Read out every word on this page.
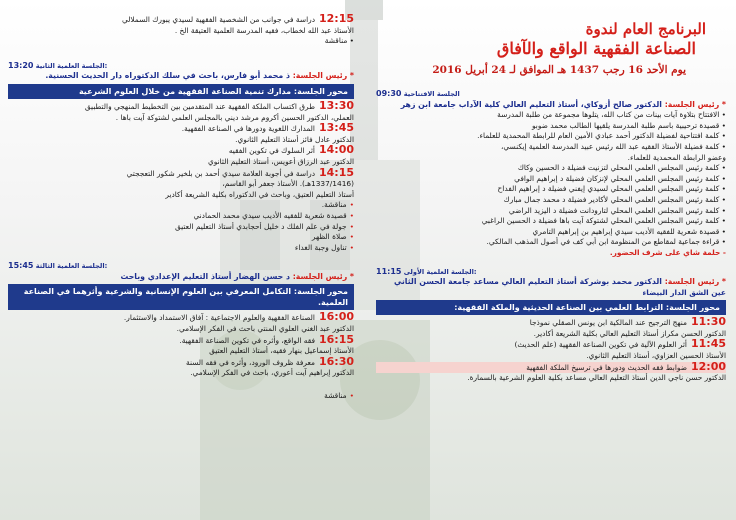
البرنامج العام لندوة
الصناعة الفقهية الواقع والآفاق
يوم الأحد 16 رجب 1437 هـ الموافق لـ 24 أبريل 2016
09:30 الجلسة الافتتاحية
* رئيس الجلسة: الدكتور صالح أزوكاي، أستاذ التعليم العالي كلية الآداب جامعة ابن زهر
• الافتتاح بتلاوة آيات بينات من كتاب الله، يتلوها مجموعة من طلبة المدرسة
• قصيدة ترحيبية باسم طلبة المدرسة يلقيها الطالب محمد ضوبو
• كلمة افتتاحية لفضيلة الدكتور أحمد عبادي الأمين العام للرابطة المحمدية للعلماء.
• كلمة فضيلة الأستاذ الفقيه عبد الله رئيس عبيد المدرسة العلمية إيكنسي،
وعضو الرابطة المحمدية للعلماء.
• كلمة رئيس المجلس العلمي المحلي لتزنيت فضيلة د الحسين وكاك
• كلمة رئيس المجلس العلمي المحلي لإنزكان فضيلة د إبراهيم الوافي
• كلمة رئيس المجلس العلمي المحلي لسيدي إيفني فضيلة د إبراهيم الفداح
• كلمة رئيس المجلس العلمي المحلي لأكادير فضيلة د محمد جمال مبارك
• كلمة رئيس المجلس العلمي المحلي لتارودانت فضيلة د اليزيد الراضي
• كلمة رئيس المجلس العلمي المحلي لشتوكة آيت باها فضيلة د الحسين الراغبي
• قصيدة شعرية للفقيه الأديب سيدي إبراهيم بن إبراهيم التامري
• قراءة جماعية لمقاطع من المنظومة ابن أبي كف في أصول المذهب المالكي.
- حلمة شاي على شرف الحضور.
11:15 الجلسة العلمية الأولى:
* رئيس الجلسة: الدكتور محمد بوشركة أستاذ التعليم العالي مساعد جامعة الحسن الثاني
عين الشق الدار البيضاء
محور الجلسة: الترابط العلمي بين الصناعة الحديثية والملكة الفقهية:
11:30منهج الترجيح عند المالكية ابن يونس الصقلي نموذجا
الدكتور الحسن مكراز أستاذ التعليم العالي بكلية الشريعة أكادير.
11:45أثر العلوم الآلية في تكوين الصناعة الفقهية (علم الحديث)
الأستاذ الحسين العزاوي، أستاذ التعليم الثانوي.
12:00ضوابط فقه الحديث ودورها في ترسيخ الملكة الفقهية
الدكتور حسن ناجي الدين أستاذ التعليم العالي مساعد بكلية العلوم الشرعية بالسمارة.
12:15دراسة في جوانب من الشخصية الفقهية لسيدي يبورك السملالي
الأستاذ عبد الله لخطاب، فقيه المدرسة العلمية العتيقة الخ .
• مناقشة
13:20 الجلسة العلمية الثانية:
* رئيس الجلسة: ذ محمد أبو فارس، باحث في سلك الدكتوراه دار الحديث الحسنية.
محور الجلسة: مدارك تنمية الصناعة الفقهية من خلال العلوم الشرعية
13:30طرق اكتساب الملكة الفقهية عند المتقدمين بين التخطيط المنهجي والتطبيق
العملي، الدكتور الحسين أكروم مرشد ديني بالمجلس العلمي لشتوكة آيت باها .
13:45المدارك اللغوية ودورها في الصناعة الفقهية.
الدكتور عادل فائز أستاذ التعليم الثانوي.
14:00أثر السلوك في تكوين الفقيه
الدكتور عبد الرزاق أعويس، أستاذ التعليم الثانوي
14:15دراسة في أجوبة العلامة سيدي أحمد بن بلخير شكور التعججتي
(1337/1416هـ). الأستاذ جعفر أبو القاسم،
أستاذ التعليم العتيق، وباحث في الدكتوراه بكلية الشريعة أكادير
•مناقشة.
•قصيدة شعرية للفقيه الأديب سيدي محمد الحمادني
•جولة في علم الفلك د خليل أحجابدي أستاذ التعليم العتيق
•صلاة الظهر
•تناول وجبة الغداء
15:45 الجلسة العلمية الثالثة:
* رئيس الجلسة: د حسن الهضار أستاذ التعليم الإعدادي وباحث
محور الجلسة: التكامل المعرفي بين العلوم الإنسانية والشرعية وأثرهما في الصناعة العلمية.
16:00الصناعة الفقهية والعلوم الاجتماعية : آفاق الاستمداد والاستثمار.
الدكتور عبد الغني العلوي المنتي باحث في الفكر الإسلامي.
16:15فقه الواقع، وأثره في تكوين الصناعة الفقهية.
الأستاذ إسماعيل بنهار فقيه، أستاذ التعليم العتيق
16:30معرفة ظروف الورود، وأثره في فقه السنة
الدكتور إبراهيم آيت أعوري، باحث في الفكر الإسلامي.
•مناقشة
